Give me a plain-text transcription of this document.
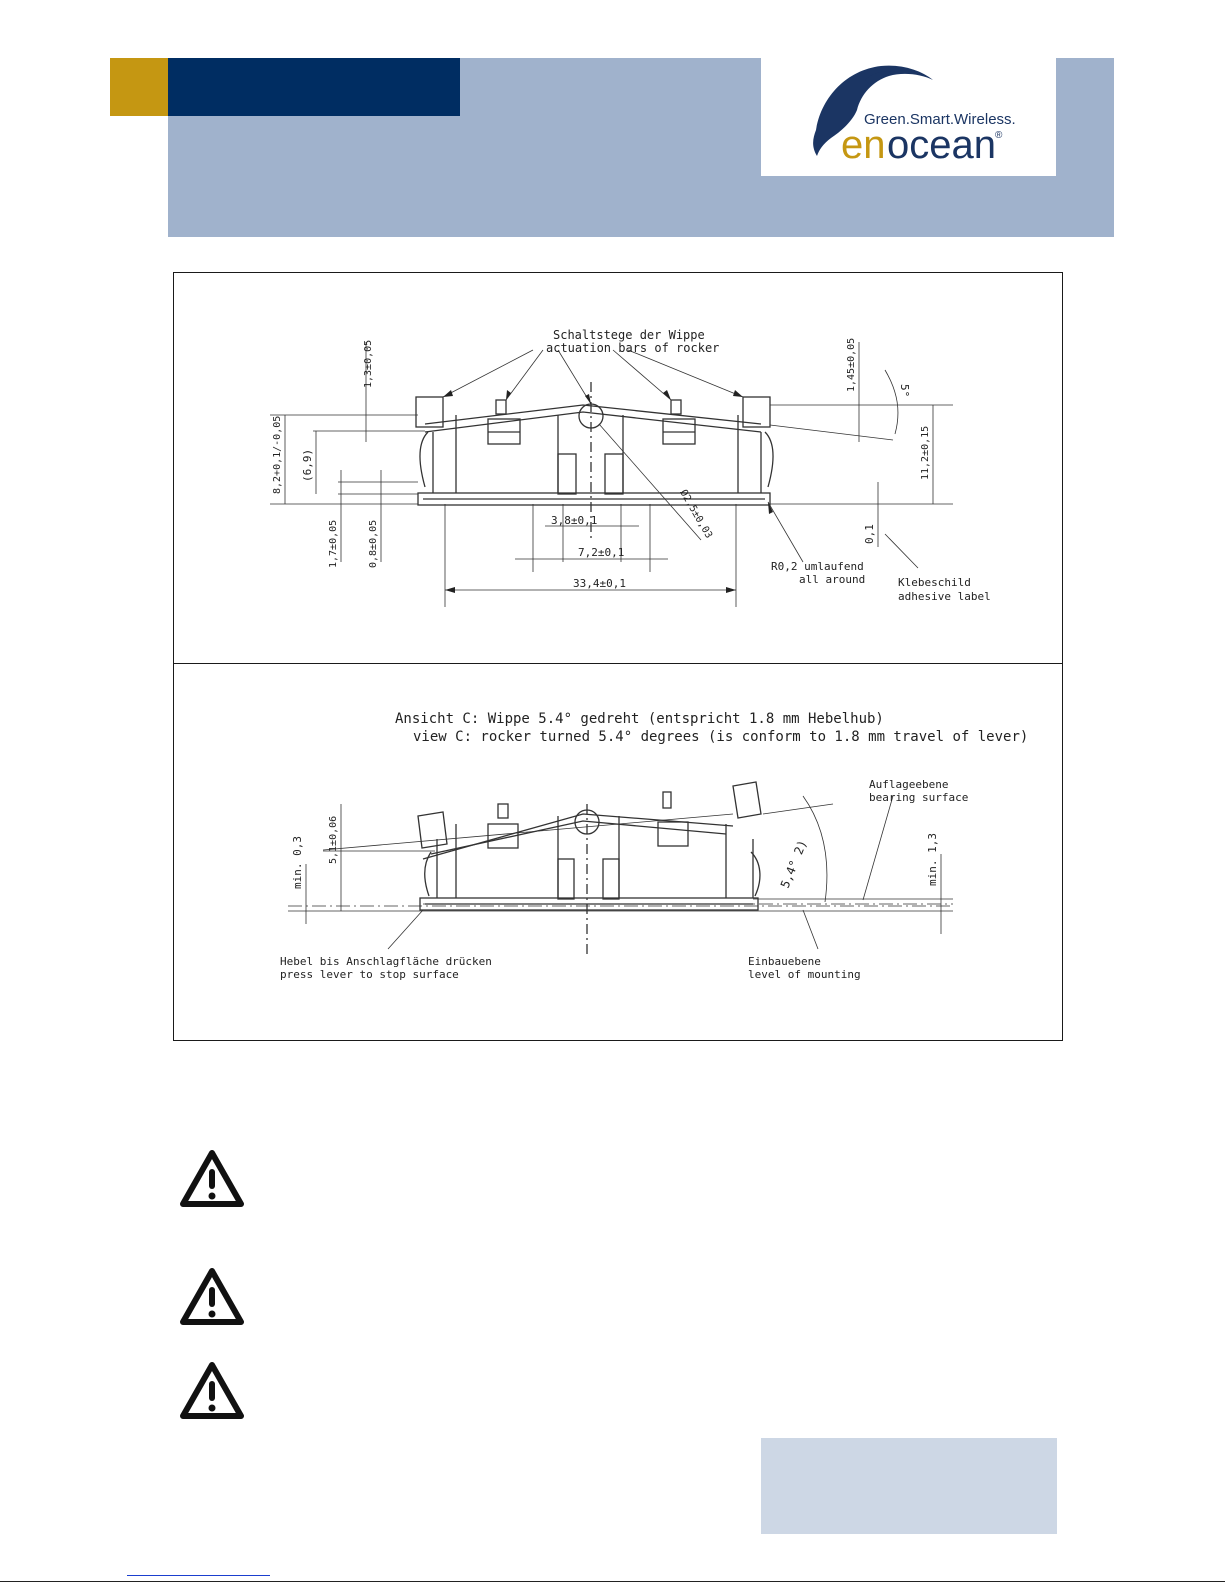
Green.Smart.Wireless.
en ocean ®
Schaltstege der Wippe
actuation bars of rocker
1,3±0,05
8,2+0,1/-0,05 (6,9)
1,7±0,05	0,8±0,05	3,8±0,1
7,2±0,1
33,4±0,1
Ø2,5±0,03
1,45±0,05
11,2±0,15
0,1
5°
R0,2 umlaufend
all around	Klebeschild
adhesive label
Ansicht C: Wippe 5.4° gedreht (entspricht 1.8 mm Hebelhub)
view C: rocker turned 5.4° degrees (is conform to 1.8 mm travel of lever)
5,1±0,06
min. 0,3	min. 1,3
5,4° 2)
Auflageebene
bearing surface
Hebel bis Anschlagfläche drücken
press lever to stop surface
Einbauebene
level of mounting
